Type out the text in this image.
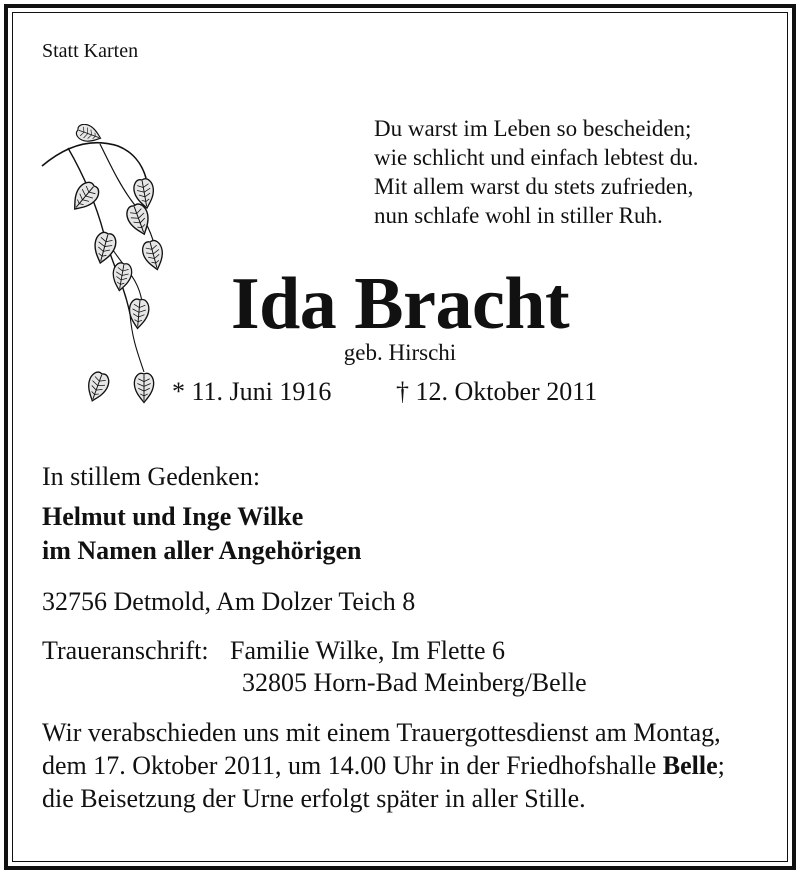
Statt Karten
Du warst im Leben so bescheiden;
wie schlicht und einfach lebtest du.
Mit allem warst du stets zufrieden,
nun schlafe wohl in stiller Ruh.
Ida Bracht
geb. Hirschi
* 11. Juni 1916 † 12. Oktober 2011
In stillem Gedenken:
Helmut und Inge Wilke
im Namen aller Angehörigen
32756 Detmold, Am Dolzer Teich 8
Traueranschrift: Familie Wilke, Im Flette 6
32805 Horn-Bad Meinberg/Belle
Wir verabschieden uns mit einem Trauergottesdienst am Montag, dem 17. Oktober 2011, um 14.00 Uhr in der Friedhofshalle Belle; die Beisetzung der Urne erfolgt später in aller Stille.
